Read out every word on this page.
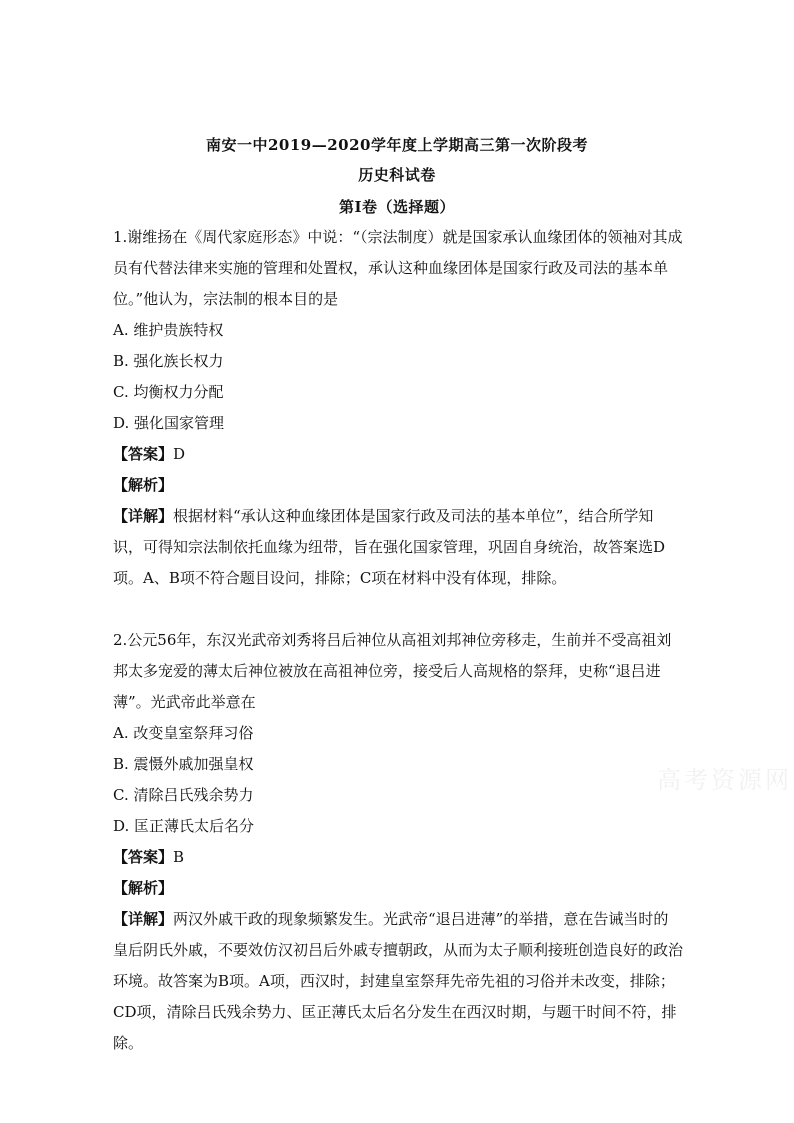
南安一中2019—2020学年度上学期高三第一次阶段考
历史科试卷
第Ⅰ卷（选择题）

1.谢维扬在《周代家庭形态》中说：“（宗法制度）就是国家承认血缘团体的领袖对其成员有代替法律来实施的管理和处置权，承认这种血缘团体是国家行政及司法的基本单位。”他认为，宗法制的根本目的是

A. 维护贵族特权

B. 强化族长权力

C. 均衡权力分配

D. 强化国家管理

【答案】D

【解析】

【详解】根据材料“承认这种血缘团体是国家行政及司法的基本单位”，结合所学知识，可得知宗法制依托血缘为纽带，旨在强化国家管理，巩固自身统治，故答案选D项。A、B项不符合题目设问，排除；C项在材料中没有体现，排除。

2.公元56年，东汉光武帝刘秀将吕后神位从高祖刘邦神位旁移走，生前并不受高祖刘邦太多宠爱的薄太后神位被放在高祖神位旁，接受后人高规格的祭拜，史称“退吕进薄”。光武帝此举意在

A. 改变皇室祭拜习俗

B. 震慑外戚加强皇权

C. 清除吕氏残余势力

D. 匡正薄氏太后名分

【答案】B

【解析】

【详解】两汉外戚干政的现象频繁发生。光武帝“退吕进薄”的举措，意在告诫当时的皇后阴氏外戚，不要效仿汉初吕后外戚专擅朝政，从而为太子顺利接班创造良好的政治环境。故答案为B项。A项，西汉时，封建皇室祭拜先帝先祖的习俗并未改变，排除；CD项，清除吕氏残余势力、匡正薄氏太后名分发生在西汉时期，与题干时间不符，排除。

高考资源网
